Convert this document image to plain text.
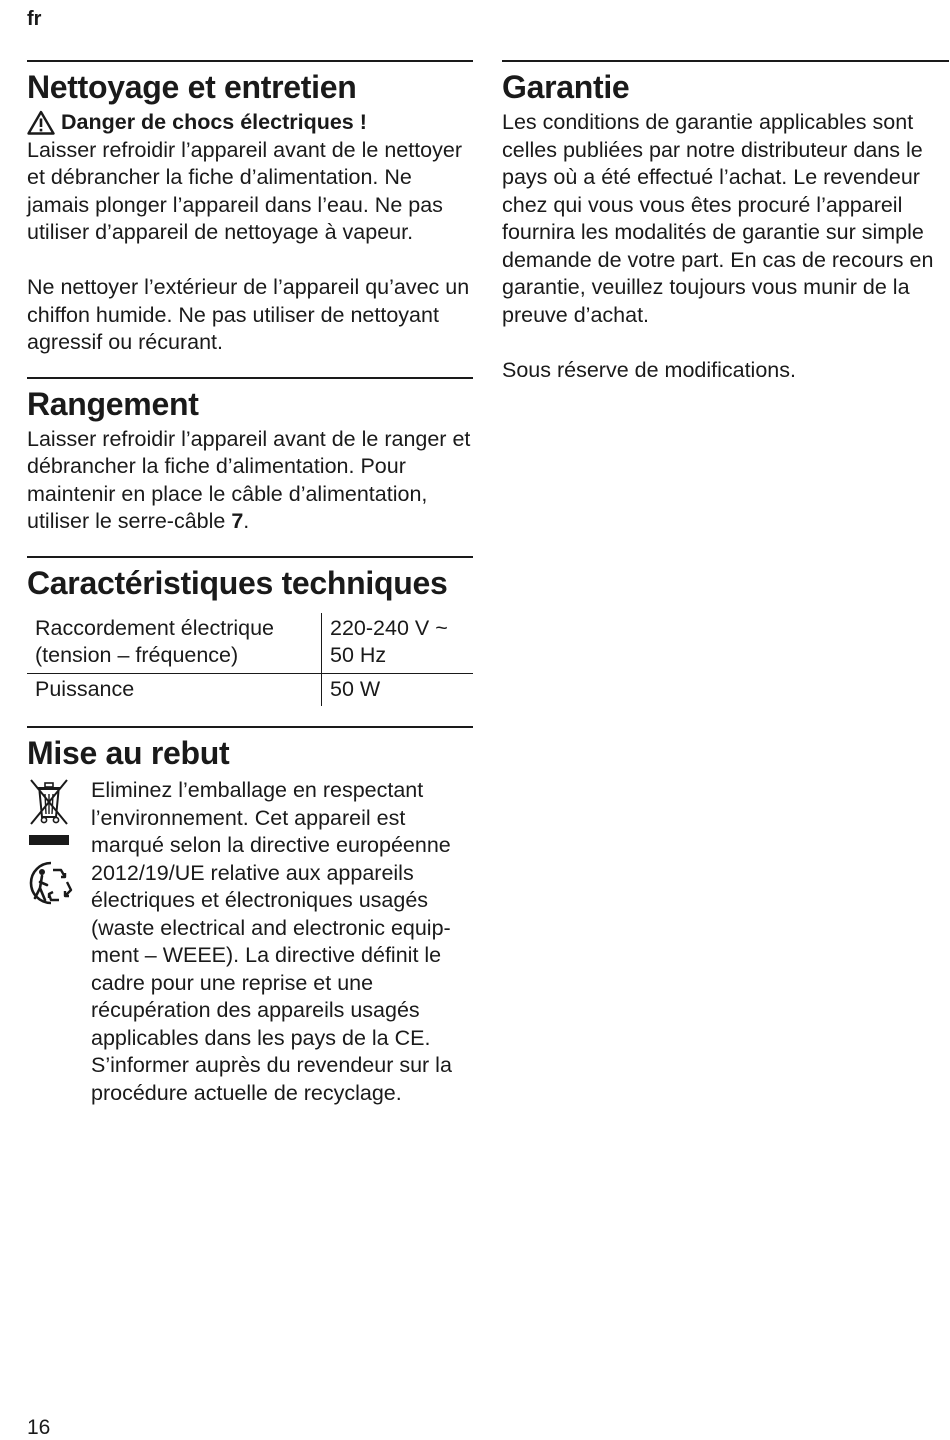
fr
Nettoyage et entretien
Danger de chocs électriques !

Laisser refroidir l’appareil avant de le nettoyer et débrancher la fiche d’alimentation. Ne jamais plonger l’appareil dans l’eau. Ne pas utiliser d’appareil de nettoyage à vapeur.

Ne nettoyer l’extérieur de l’appareil qu’avec un chiffon humide. Ne pas utiliser de nettoyant agressif ou récurant.

Rangement

Laisser refroidir l’appareil avant de le ranger et débrancher la fiche d’alimentation. Pour maintenir en place le câble d’alimentation, utiliser le serre-câble 7.

Caractéristiques techniques
Raccordement électrique (tension – fréquence)	220-240 V ~ 50 Hz
Puissance	50 W
Mise au rebut

Eliminez l’emballage en respectant l’environnement. Cet appareil est marqué selon la directive européenne 2012/19/UE relative aux appareils électriques et électroniques usagés (waste electrical and electronic equipment – WEEE). La directive définit le cadre pour une reprise et une récupération des appareils usagés applicables dans les pays de la CE. S’informer auprès du revendeur sur la procédure actuelle de recyclage.

Garantie

Les conditions de garantie applicables sont celles publiées par notre distributeur dans le pays où a été effectué l’achat. Le revendeur chez qui vous vous êtes procuré l’appareil fournira les modalités de garantie sur simple demande de votre part. En cas de recours en garantie, veuillez toujours vous munir de la preuve d’achat.

Sous réserve de modifications.

16
